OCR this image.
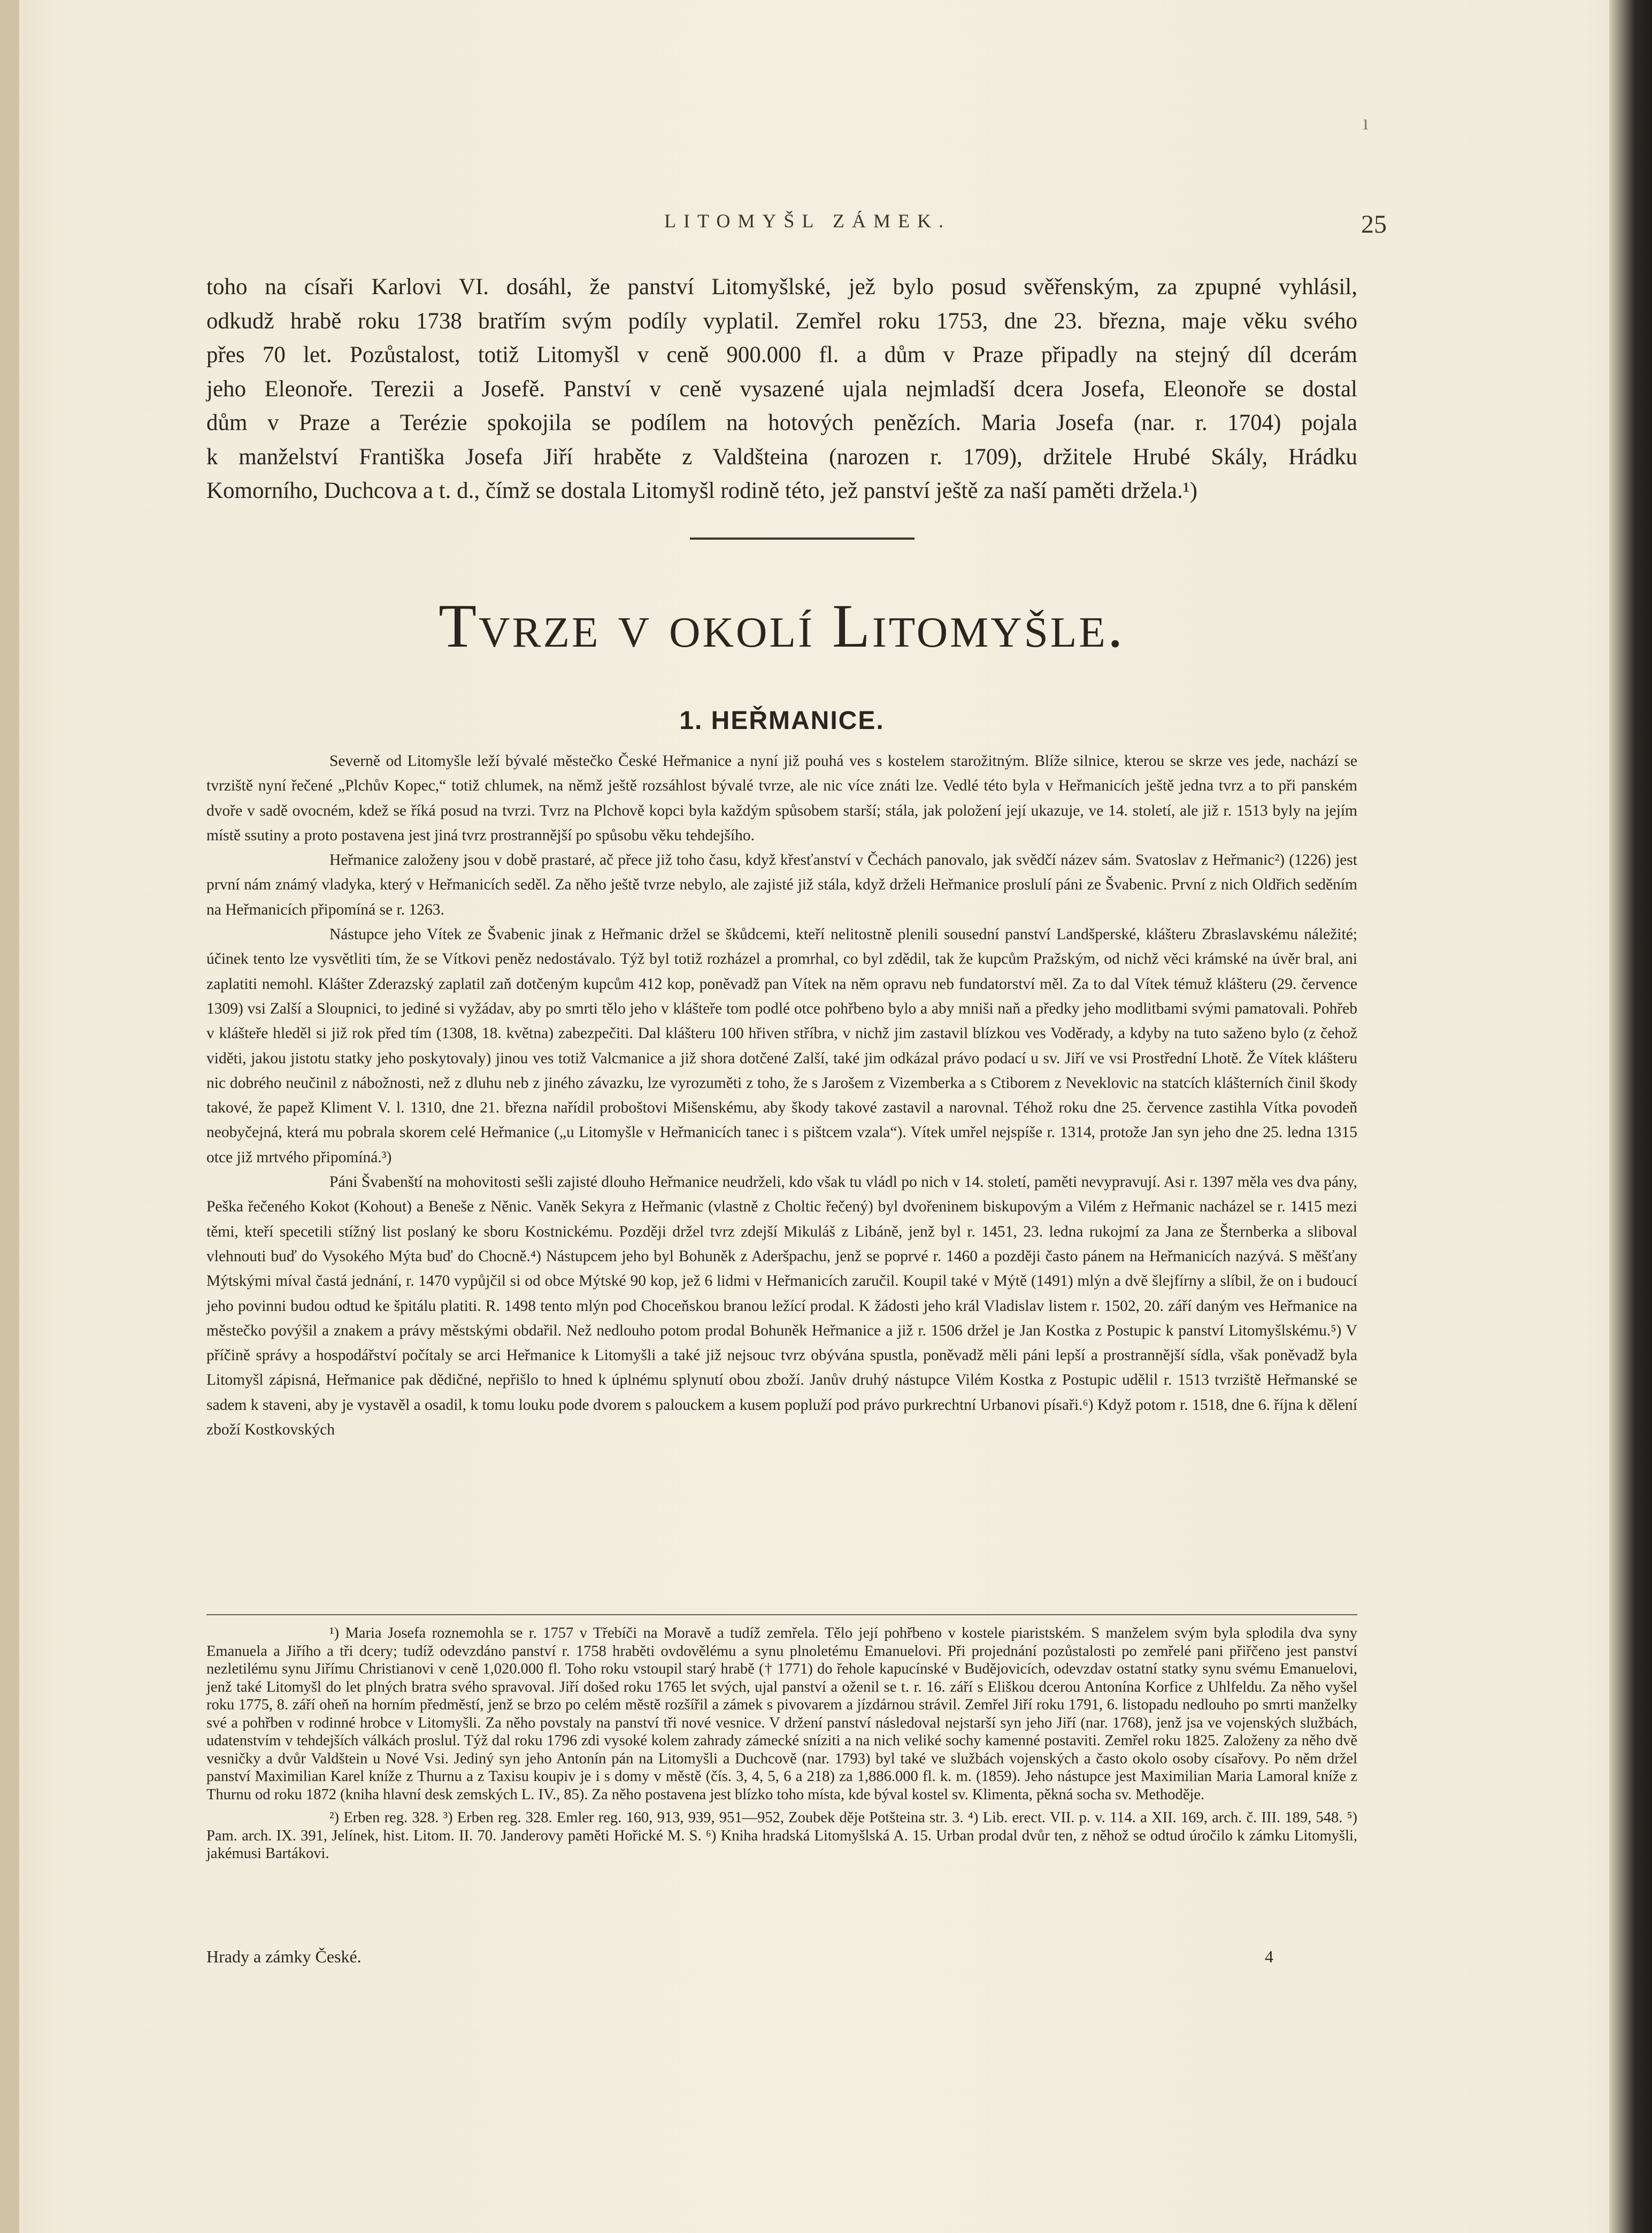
ı
LITOMYŠL ZÁMEK.	25
toho na císaři Karlovi VI. dosáhl, že panství Litomyšlské, jež bylo posud svěřenským, za zpupné vyhlásil,
odkudž hrabě roku 1738 bratřím svým podíly vyplatil. Zemřel roku 1753, dne 23. března, maje věku svého
přes 70 let. Pozůstalost, totiž Litomyšl v ceně 900.000 fl. a dům v Praze připadly na stejný díl dcerám
jeho Eleonoře. Terezii a Josefě. Panství v ceně vysazené ujala nejmladší dcera Josefa, Eleonoře se dostal
dům v Praze a Terézie spokojila se podílem na hotových penězích. Maria Josefa (nar. r. 1704) pojala
k manželství Františka Josefa Jiří hraběte z Valdšteina (narozen r. 1709), držitele Hrubé Skály, Hrádku
Komorního, Duchcova a t. d., čímž se dostala Litomyšl rodině této, jež panství ještě za naší paměti držela.¹)
Tvrze v okolí Litomyšle.
1. HEŘMANICE.

Severně od Litomyšle leží bývalé městečko České Heřmanice a nyní již pouhá ves s kostelem starožitným. Blíže silnice, kterou se skrze ves jede, nachází se tvrziště nyní řečené „Plchův Kopec,“ totiž chlumek, na němž ještě rozsáhlost bývalé tvrze, ale nic více znáti lze. Vedlé této byla v Heřmanicích ještě jedna tvrz a to při panském dvoře v sadě ovocném, kdež se říká posud na tvrzi. Tvrz na Plchově kopci byla každým spůsobem starší; stála, jak položení její ukazuje, ve 14. století, ale již r. 1513 byly na jejím místě ssutiny a proto postavena jest jiná tvrz prostrannější po spůsobu věku tehdejšího.

Heřmanice založeny jsou v době prastaré, ač přece již toho času, když křesťanství v Čechách panovalo, jak svědčí název sám. Svatoslav z Heřmanic²) (1226) jest první nám známý vladyka, který v Heřmanicích seděl. Za něho ještě tvrze nebylo, ale zajisté již stála, když drželi Heřmanice proslulí páni ze Švabenic. První z nich Oldřich seděním na Heřmanicích připomíná se r. 1263.

Nástupce jeho Vítek ze Švabenic jinak z Heřmanic držel se škůdcemi, kteří nelitostně plenili sousední panství Landšperské, klášteru Zbraslavskému náležité; účinek tento lze vysvětliti tím, že se Vítkovi peněz nedostávalo. Týž byl totiž rozházel a promrhal, co byl zdědil, tak že kupcům Pražským, od nichž věci krámské na úvěr bral, ani zaplatiti nemohl. Klášter Zderazský zaplatil zaň dotčeným kupcům 412 kop, poněvadž pan Vítek na něm opravu neb fundatorství měl. Za to dal Vítek témuž klášteru (29. července 1309) vsi Zalší a Sloupnici, to jediné si vyžádav, aby po smrti tělo jeho v klášteře tom podlé otce pohřbeno bylo a aby mniši naň a předky jeho modlitbami svými pamatovali. Pohřeb v klášteře hleděl si již rok před tím (1308, 18. května) zabezpečiti. Dal klášteru 100 hřiven stříbra, v nichž jim zastavil blízkou ves Voděrady, a kdyby na tuto saženo bylo (z čehož viděti, jakou jistotu statky jeho poskytovaly) jinou ves totiž Valcmanice a již shora dotčené Zalší, také jim odkázal právo podací u sv. Jiří ve vsi Prostřední Lhotě. Že Vítek klášteru nic dobrého neučinil z nábožnosti, než z dluhu neb z jiného závazku, lze vyrozuměti z toho, že s Jarošem z Vizemberka a s Ctiborem z Neveklovic na statcích klášterních činil škody takové, že papež Kliment V. l. 1310, dne 21. března nařídil proboštovi Mišenskému, aby škody takové zastavil a narovnal. Téhož roku dne 25. července zastihla Vítka povodeň neobyčejná, která mu pobrala skorem celé Heřmanice („u Litomyšle v Heřmanicích tanec i s pištcem vzala“). Vítek umřel nejspíše r. 1314, protože Jan syn jeho dne 25. ledna 1315 otce již mrtvého připomíná.³)

Páni Švabenští na mohovitosti sešli zajisté dlouho Heřmanice neudrželi, kdo však tu vládl po nich v 14. století, paměti nevypravují. Asi r. 1397 měla ves dva pány, Peška řečeného Kokot (Kohout) a Beneše z Něnic. Vaněk Sekyra z Heřmanic (vlastně z Choltic řečený) byl dvořeninem biskupovým a Vilém z Heřmanic nacházel se r. 1415 mezi těmi, kteří specetili stížný list poslaný ke sboru Kostnickému. Později držel tvrz zdejší Mikuláš z Libáně, jenž byl r. 1451, 23. ledna rukojmí za Jana ze Šternberka a sliboval vlehnouti buď do Vysokého Mýta buď do Chocně.⁴) Nástupcem jeho byl Bohuněk z Aderšpachu, jenž se poprvé r. 1460 a později často pánem na Heřmanicích nazývá. S měšťany Mýtskými míval častá jednání, r. 1470 vypůjčil si od obce Mýtské 90 kop, jež 6 lidmi v Heřmanicích zaručil. Koupil také v Mýtě (1491) mlýn a dvě šlejfírny a slíbil, že on i budoucí jeho povinni budou odtud ke špitálu platiti. R. 1498 tento mlýn pod Choceňskou branou ležící prodal. K žádosti jeho král Vladislav listem r. 1502, 20. září daným ves Heřmanice na městečko povýšil a znakem a právy městskými obdařil. Než nedlouho potom prodal Bohuněk Heřmanice a již r. 1506 držel je Jan Kostka z Postupic k panství Litomyšlskému.⁵) V příčině správy a hospodářství počítaly se arci Heřmanice k Litomyšli a také již nejsouc tvrz obývána spustla, poněvadž měli páni lepší a prostrannější sídla, však poněvadž byla Litomyšl zápisná, Heřmanice pak dědičné, nepřišlo to hned k úplnému splynutí obou zboží. Janův druhý nástupce Vilém Kostka z Postupic udělil r. 1513 tvrziště Heřmanské se sadem k staveni, aby je vystavěl a osadil, k tomu louku pode dvorem s palouckem a kusem popluží pod právo purkrechtní Urbanovi písaři.⁶) Když potom r. 1518, dne 6. října k dělení zboží Kostkovských

¹) Maria Josefa roznemohla se r. 1757 v Třebíči na Moravě a tudíž zemřela. Tělo její pohřbeno v kostele piaristském. S manželem svým byla splodila dva syny Emanuela a Jiřího a tři dcery; tudíž odevzdáno panství r. 1758 hraběti ovdovělému a synu plnoletému Emanuelovi. Při projednání pozůstalosti po zemřelé pani přiřčeno jest panství nezletilému synu Jiřímu Christianovi v ceně 1,020.000 fl. Toho roku vstoupil starý hrabě († 1771) do řehole kapucínské v Budějovicích, odevzdav ostatní statky synu svému Emanuelovi, jenž také Litomyšl do let plných bratra svého spravoval. Jiří došed roku 1765 let svých, ujal panství a oženil se t. r. 16. září s Eliškou dcerou Antonína Korfice z Uhlfeldu. Za něho vyšel roku 1775, 8. září oheň na horním předměstí, jenž se brzo po celém městě rozšířil a zámek s pivovarem a jízdárnou strávil. Zemřel Jiří roku 1791, 6. listopadu nedlouho po smrti manželky své a pohřben v rodinné hrobce v Litomyšli. Za něho povstaly na panství tři nové vesnice. V držení panství následoval nejstarší syn jeho Jiří (nar. 1768), jenž jsa ve vojenských službách, udatenstvím v tehdejších válkách proslul. Týž dal roku 1796 zdi vysoké kolem zahrady zámecké sníziti a na nich veliké sochy kamenné postaviti. Zemřel roku 1825. Založeny za něho dvě vesničky a dvůr Valdštein u Nové Vsi. Jediný syn jeho Antonín pán na Litomyšli a Duchcově (nar. 1793) byl také ve službách vojenských a často okolo osoby císařovy. Po něm držel panství Maximilian Karel kníže z Thurnu a z Taxisu koupiv je i s domy v městě (čís. 3, 4, 5, 6 a 218) za 1,886.000 fl. k. m. (1859). Jeho nástupce jest Maximilian Maria Lamoral kníže z Thurnu od roku 1872 (kniha hlavní desk zemských L. IV., 85). Za něho postavena jest blízko toho místa, kde býval kostel sv. Klimenta, pěkná socha sv. Methoděje.

²) Erben reg. 328. ³) Erben reg. 328. Emler reg. 160, 913, 939, 951—952, Zoubek děje Potšteina str. 3. ⁴) Lib. erect. VII. p. v. 114. a XII. 169, arch. č. III. 189, 548. ⁵) Pam. arch. IX. 391, Jelínek, hist. Litom. II. 70. Janderovy paměti Hořické M. S. ⁶) Kniha hradská Litomyšlská A. 15. Urban prodal dvůr ten, z něhož se odtud úročilo k zámku Litomyšli, jakémusi Bartákovi.

Hrady a zámky České.	4
